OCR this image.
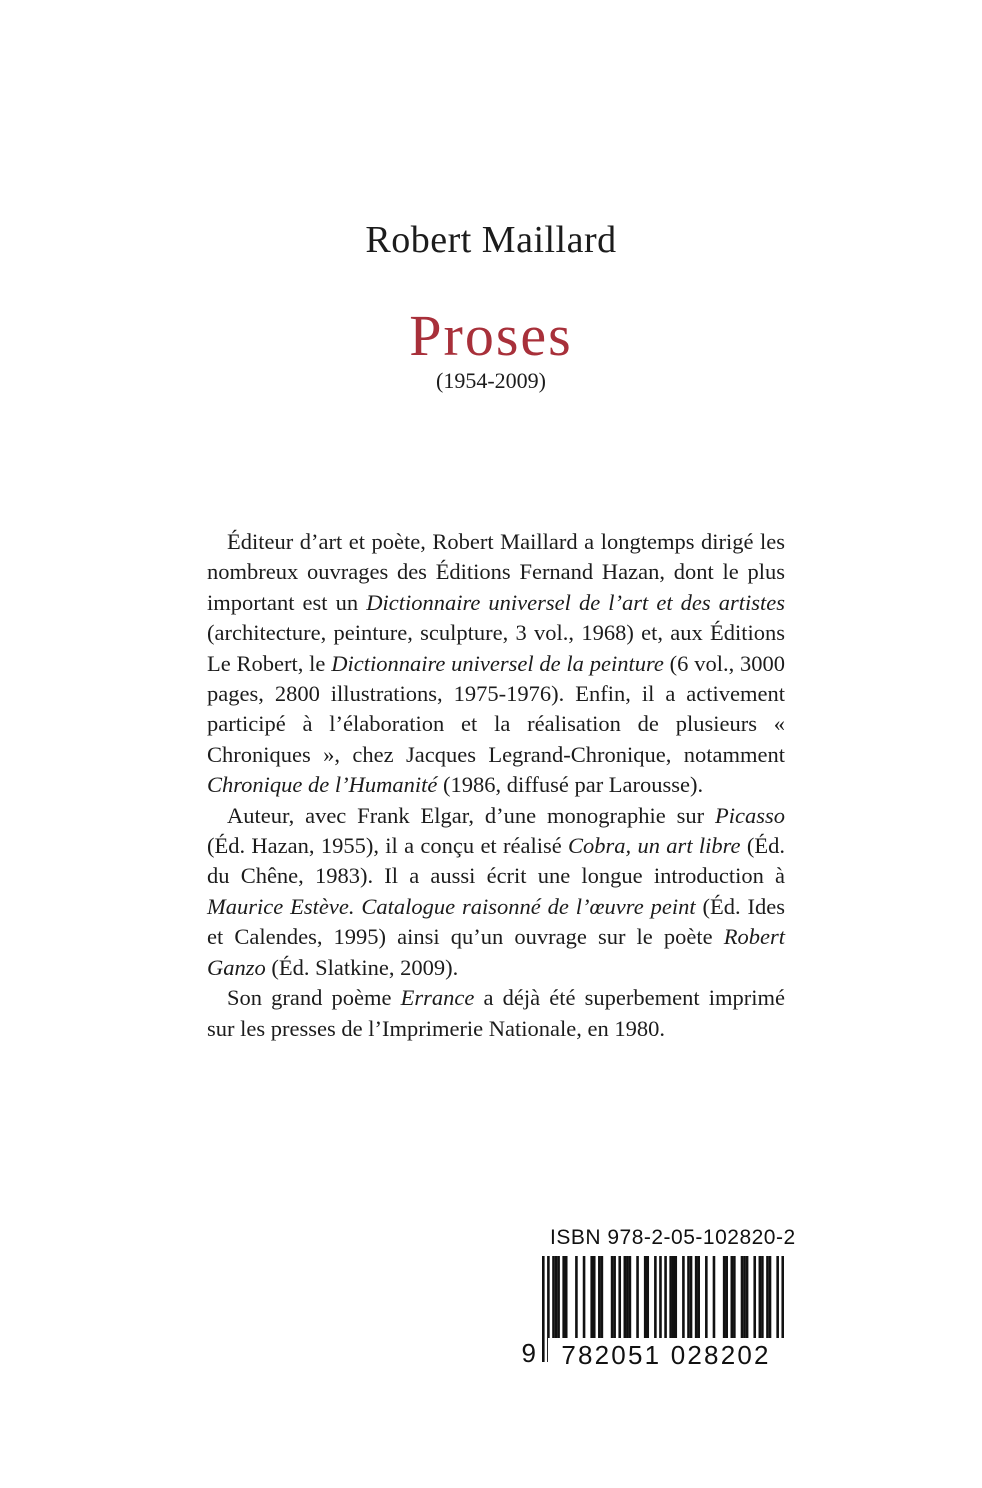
Robert Maillard
Proses
(1954-2009)

Éditeur d’art et poète, Robert Maillard a longtemps dirigé les nombreux ouvrages des Éditions Fernand Hazan, dont le plus important est un Dictionnaire universel de l’art et des artistes (architecture, peinture, sculpture, 3 vol., 1968) et, aux Éditions Le Robert, le Dictionnaire universel de la peinture (6 vol., 3000 pages, 2800 illustrations, 1975-1976). Enfin, il a activement participé à l’élaboration et la réalisation de plusieurs « Chroniques », chez Jacques Legrand-Chronique, notamment Chronique de l’Humanité (1986, diffusé par Larousse).

Auteur, avec Frank Elgar, d’une monographie sur Picasso (Éd. Hazan, 1955), il a conçu et réalisé Cobra, un art libre (Éd. du Chêne, 1983). Il a aussi écrit une longue introduction à Maurice Estève. Catalogue raisonné de l’œuvre peint (Éd. Ides et Calendes, 1995) ainsi qu’un ouvrage sur le poète Robert Ganzo (Éd. Slatkine, 2009).

Son grand poème Errance a déjà été superbement imprimé sur les presses de l’Imprimerie Nationale, en 1980.

ISBN 978-2-05-102820-2
9 782051 028202
